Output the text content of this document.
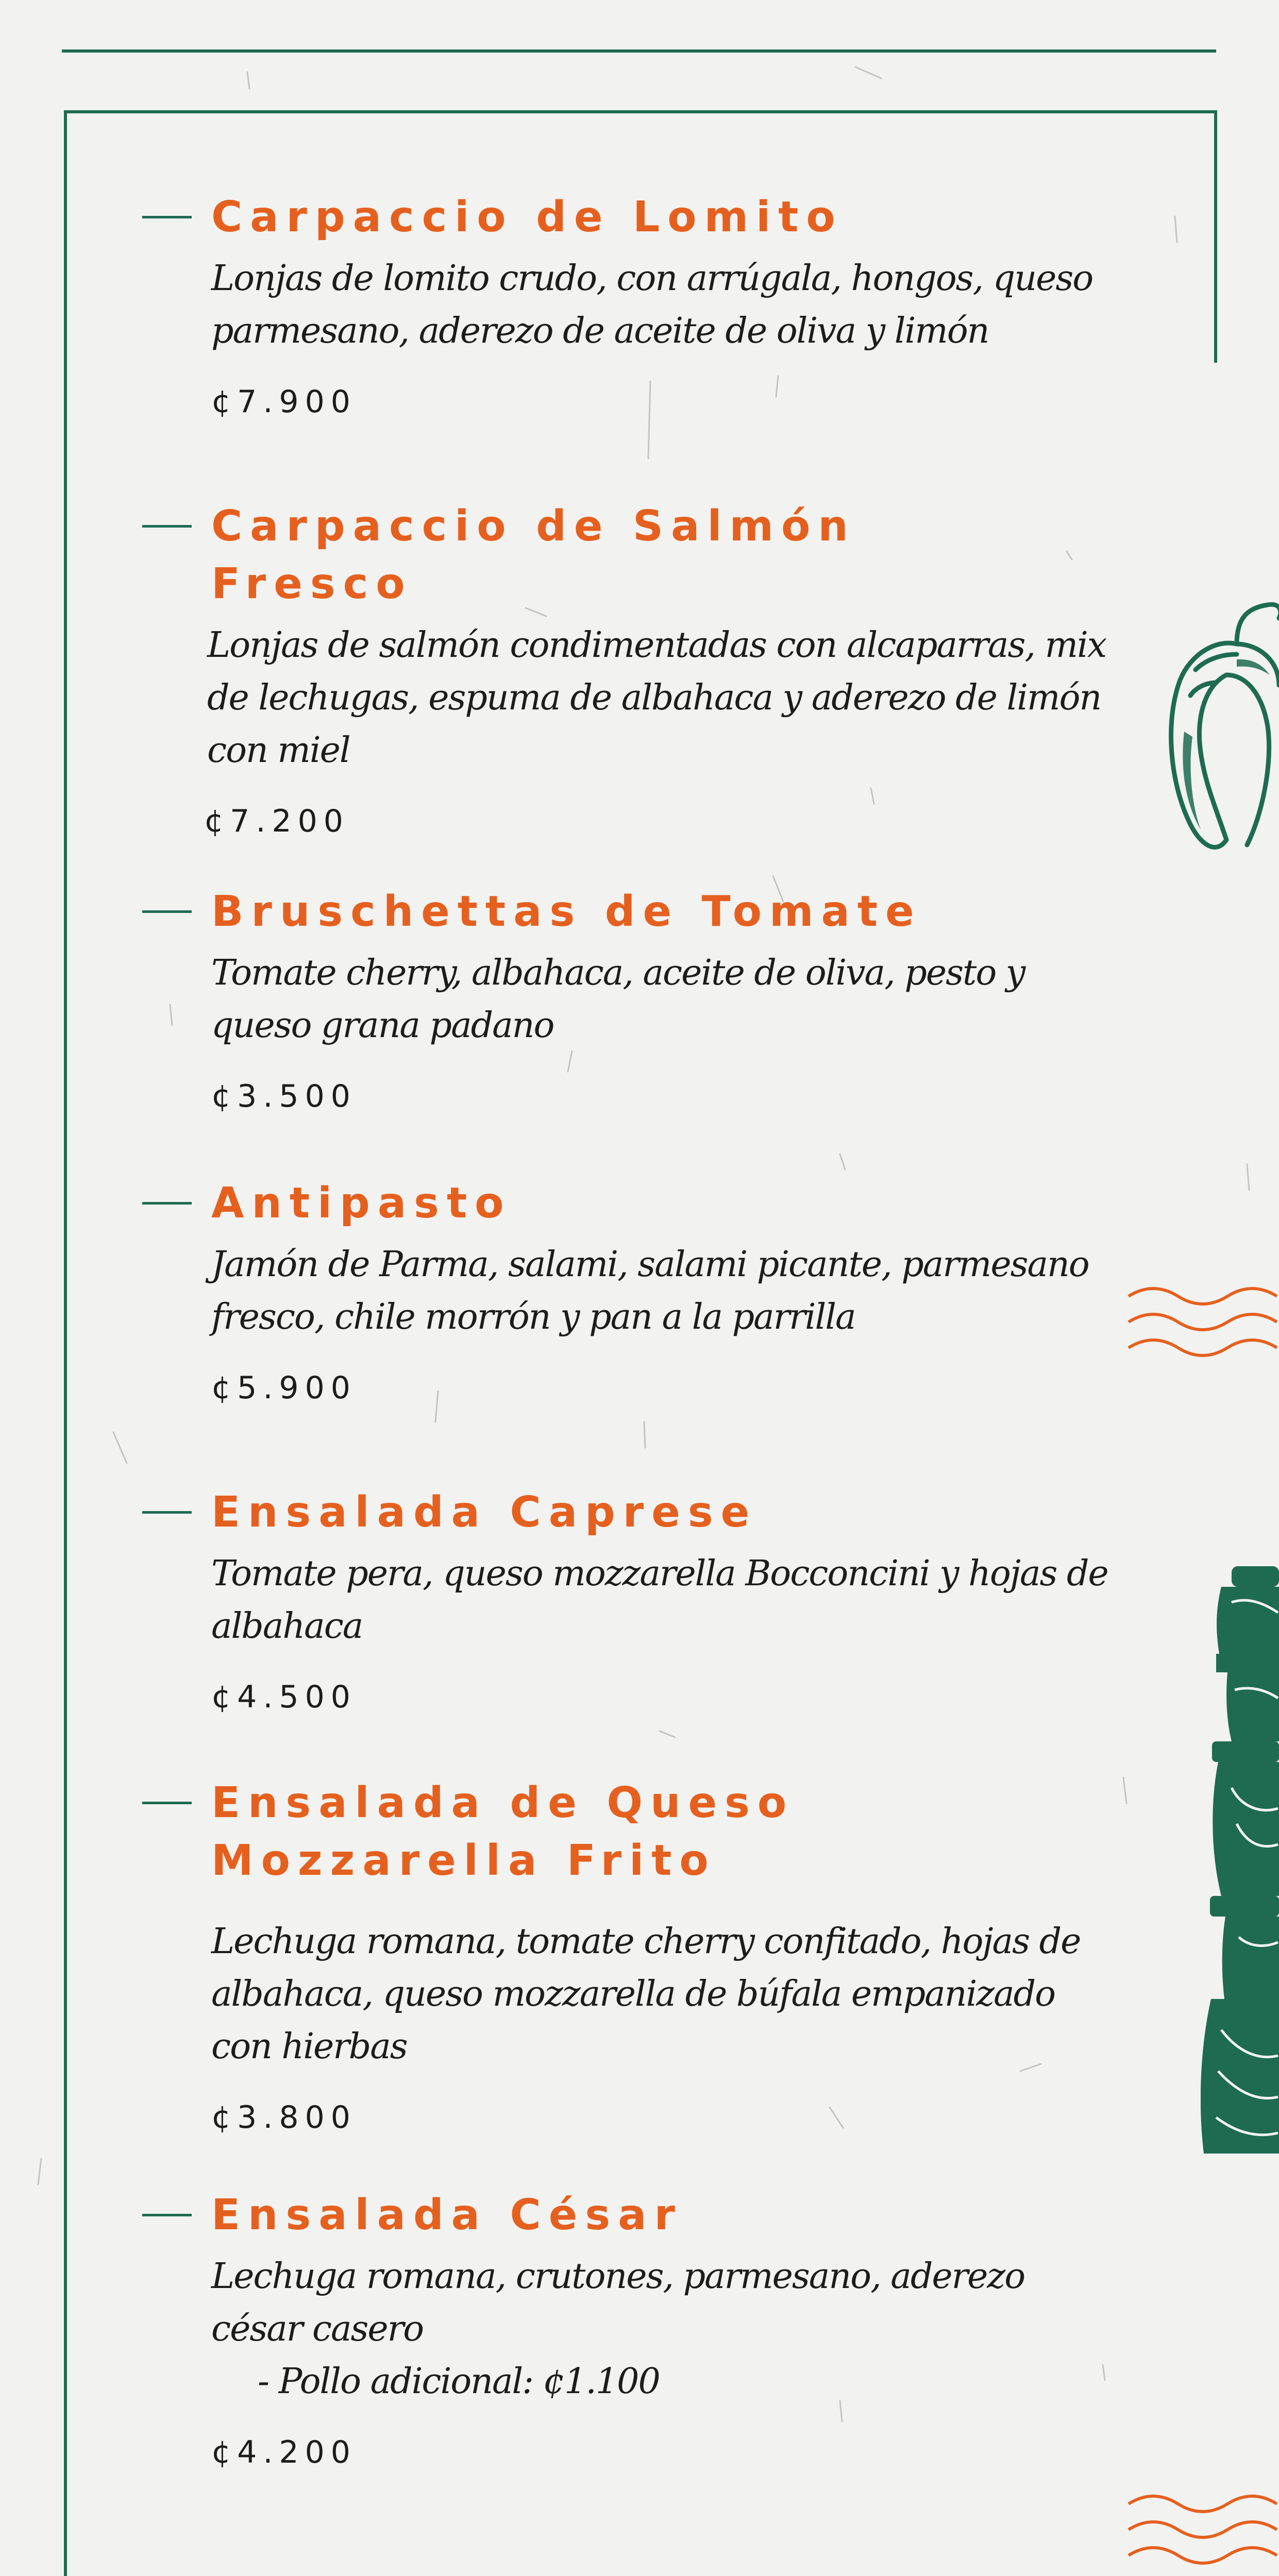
Carpaccio de Lomito
Lonjas de lomito crudo, con arrúgala, hongos, queso parmesano, aderezo de aceite de oliva y limón
¢7.900
Carpaccio de Salmón Fresco
Lonjas de salmón condimentadas con alcaparras, mix de lechugas, espuma de albahaca y aderezo de limón con miel
¢7.200
Bruschettas de Tomate
Tomate cherry, albahaca, aceite de oliva, pesto y queso grana padano
¢3.500
Antipasto
Jamón de Parma, salami, salami picante, parmesano fresco, chile morrón y pan a la parrilla
¢5.900
Ensalada Caprese
Tomate pera, queso mozzarella Bocconcini y hojas de albahaca
¢4.500
Ensalada de Queso Mozzarella Frito
Lechuga romana, tomate cherry confitado, hojas de albahaca, queso mozzarella de búfala empanizado con hierbas
¢3.800
Ensalada César
Lechuga romana, crutones, parmesano, aderezo césar casero
- Pollo adicional: ¢1.100
¢4.200
